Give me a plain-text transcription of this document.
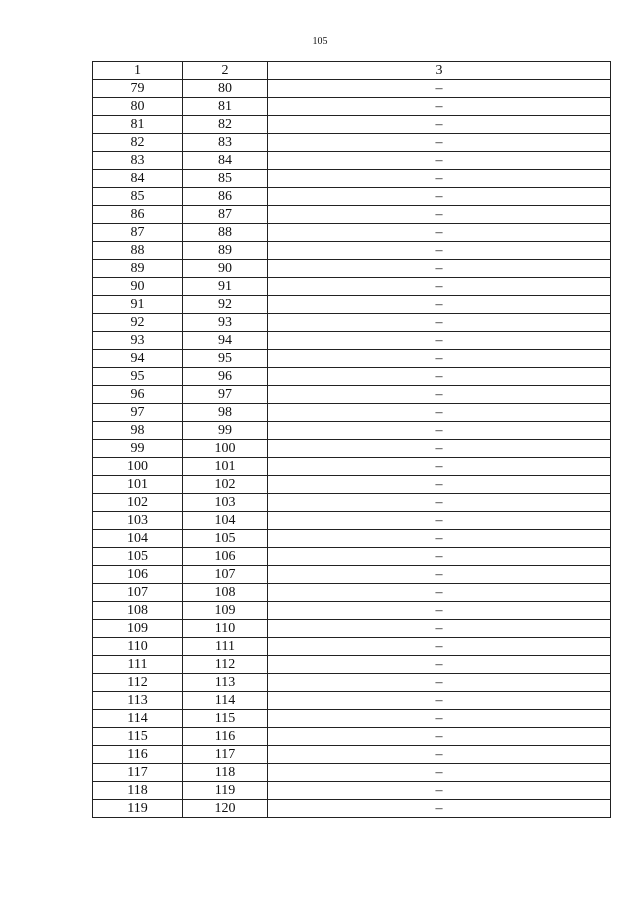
105
1	2	3
79	80	–
80	81	–
81	82	–
82	83	–
83	84	–
84	85	–
85	86	–
86	87	–
87	88	–
88	89	–
89	90	–
90	91	–
91	92	–
92	93	–
93	94	–
94	95	–
95	96	–
96	97	–
97	98	–
98	99	–
99	100	–
100	101	–
101	102	–
102	103	–
103	104	–
104	105	–
105	106	–
106	107	–
107	108	–
108	109	–
109	110	–
110	111	–
111	112	–
112	113	–
113	114	–
114	115	–
115	116	–
116	117	–
117	118	–
118	119	–
119	120	–
